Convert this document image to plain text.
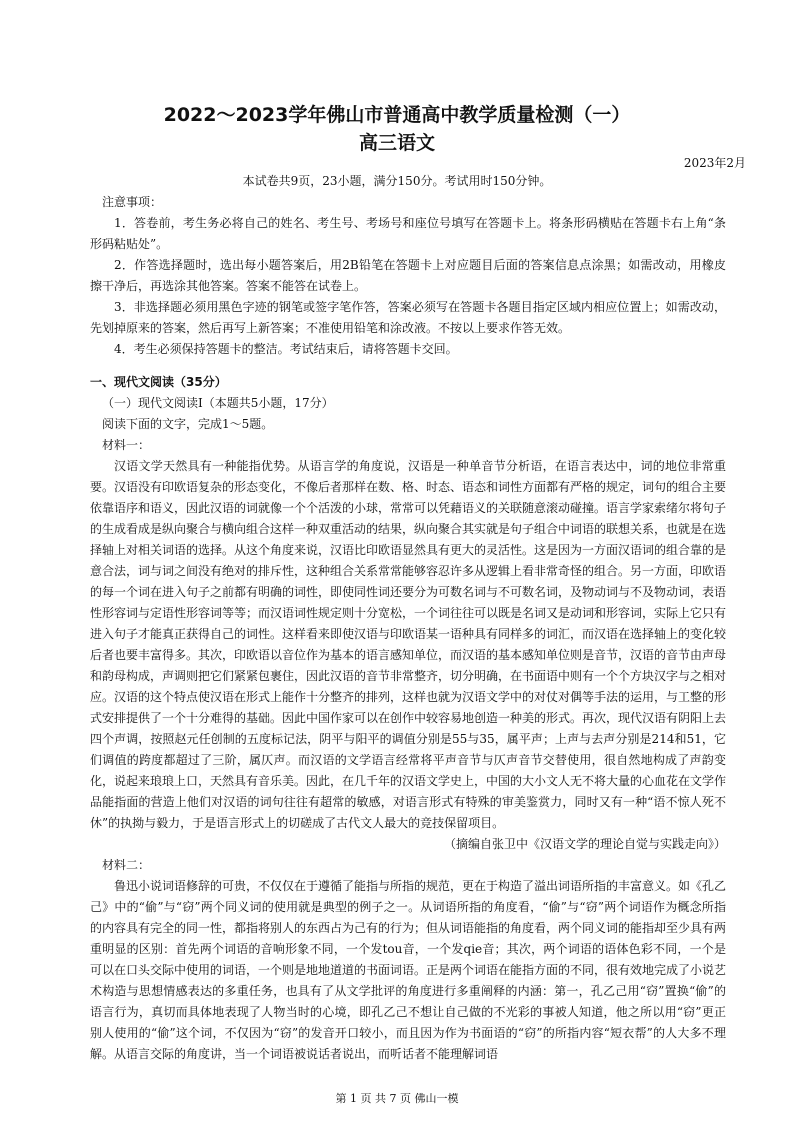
2022～2023学年佛山市普通高中教学质量检测（一）
高三语文
2023年2月
本试卷共9页，23小题，满分150分。考试用时150分钟。

注意事项：

1．答卷前，考生务必将自己的姓名、考生号、考场号和座位号填写在答题卡上。将条形码横贴在答题卡右上角“条形码粘贴处”。

2．作答选择题时，选出每小题答案后，用2B铅笔在答题卡上对应题目后面的答案信息点涂黑；如需改动，用橡皮擦干净后，再选涂其他答案。答案不能答在试卷上。

3．非选择题必须用黑色字迹的钢笔或签字笔作答，答案必须写在答题卡各题目指定区域内相应位置上；如需改动，先划掉原来的答案，然后再写上新答案；不准使用铅笔和涂改液。不按以上要求作答无效。

4．考生必须保持答题卡的整洁。考试结束后，请将答题卡交回。

一、现代文阅读（35分）

（一）现代文阅读Ⅰ（本题共5小题，17分）

阅读下面的文字，完成1～5题。

材料一：

汉语文学天然具有一种能指优势。从语言学的角度说，汉语是一种单音节分析语，在语言表达中，词的地位非常重要。汉语没有印欧语复杂的形态变化，不像后者那样在数、格、时态、语态和词性方面都有严格的规定，词句的组合主要依靠语序和语义，因此汉语的词就像一个个活泼的小球，常常可以凭藉语义的关联随意滚动碰撞。语言学家索绪尔将句子的生成看成是纵向聚合与横向组合这样一种双重活动的结果，纵向聚合其实就是句子组合中词语的联想关系，也就是在选择轴上对相关词语的选择。从这个角度来说，汉语比印欧语显然具有更大的灵活性。这是因为一方面汉语词的组合靠的是意合法，词与词之间没有绝对的排斥性，这种组合关系常常能够容忍许多从逻辑上看非常奇怪的组合。另一方面，印欧语的每一个词在进入句子之前都有明确的词性，即使同性词还要分为可数名词与不可数名词，及物动词与不及物动词，表语性形容词与定语性形容词等等；而汉语词性规定则十分宽松，一个词往往可以既是名词又是动词和形容词，实际上它只有进入句子才能真正获得自己的词性。这样看来即使汉语与印欧语某一语种具有同样多的词汇，而汉语在选择轴上的变化较后者也要丰富得多。其次，印欧语以音位作为基本的语言感知单位，而汉语的基本感知单位则是音节，汉语的音节由声母和韵母构成，声调则把它们紧紧包裹住，因此汉语的音节非常整齐，切分明确，在书面语中则有一个个方块汉字与之相对应。汉语的这个特点使汉语在形式上能作十分整齐的排列，这样也就为汉语文学中的对仗对偶等手法的运用，与工整的形式安排提供了一个十分难得的基础。因此中国作家可以在创作中较容易地创造一种美的形式。再次，现代汉语有阴阳上去四个声调，按照赵元任创制的五度标记法，阴平与阳平的调值分别是55与35，属平声；上声与去声分别是214和51，它们调值的跨度都超过了三阶，属仄声。而汉语的文学语言经常将平声音节与仄声音节交替使用，很自然地构成了声韵变化，说起来琅琅上口，天然具有音乐美。因此，在几千年的汉语文学史上，中国的大小文人无不将大量的心血花在文学作品能指面的营造上他们对汉语的词句往往有超常的敏感，对语言形式有特殊的审美鉴赏力，同时又有一种“语不惊人死不休”的执拗与毅力，于是语言形式上的切磋成了古代文人最大的竞技保留项目。

（摘编自张卫中《汉语文学的理论自觉与实践走向》）

材料二：

鲁迅小说词语修辞的可贵，不仅仅在于遵循了能指与所指的规范，更在于构造了溢出词语所指的丰富意义。如《孔乙己》中的“偷”与“窃”两个同义词的使用就是典型的例子之一。从词语所指的角度看，“偷”与“窃”两个词语作为概念所指的内容具有完全的同一性，都指将别人的东西占为己有的行为；但从词语能指的角度看，两个同义词的能指却至少具有两重明显的区别：首先两个词语的音响形象不同，一个发tou音，一个发qie音；其次，两个词语的语体色彩不同，一个是可以在口头交际中使用的词语，一个则是地地道道的书面词语。正是两个词语在能指方面的不同，很有效地完成了小说艺术构造与思想情感表达的多重任务，也具有了从文学批评的角度进行多重阐释的内涵：第一，孔乙己用“窃”置换“偷”的语言行为，真切而具体地表现了人物当时的心境，即孔乙己不想让自己做的不光彩的事被人知道，他之所以用“窃”更正别人使用的“偷”这个词，不仅因为“窃”的发音开口较小，而且因为作为书面语的“窃”的所指内容“短衣帮”的人大多不理解。从语言交际的角度讲，当一个词语被说话者说出，而听话者不能理解词语

第 1 页 共 7 页 佛山一模
